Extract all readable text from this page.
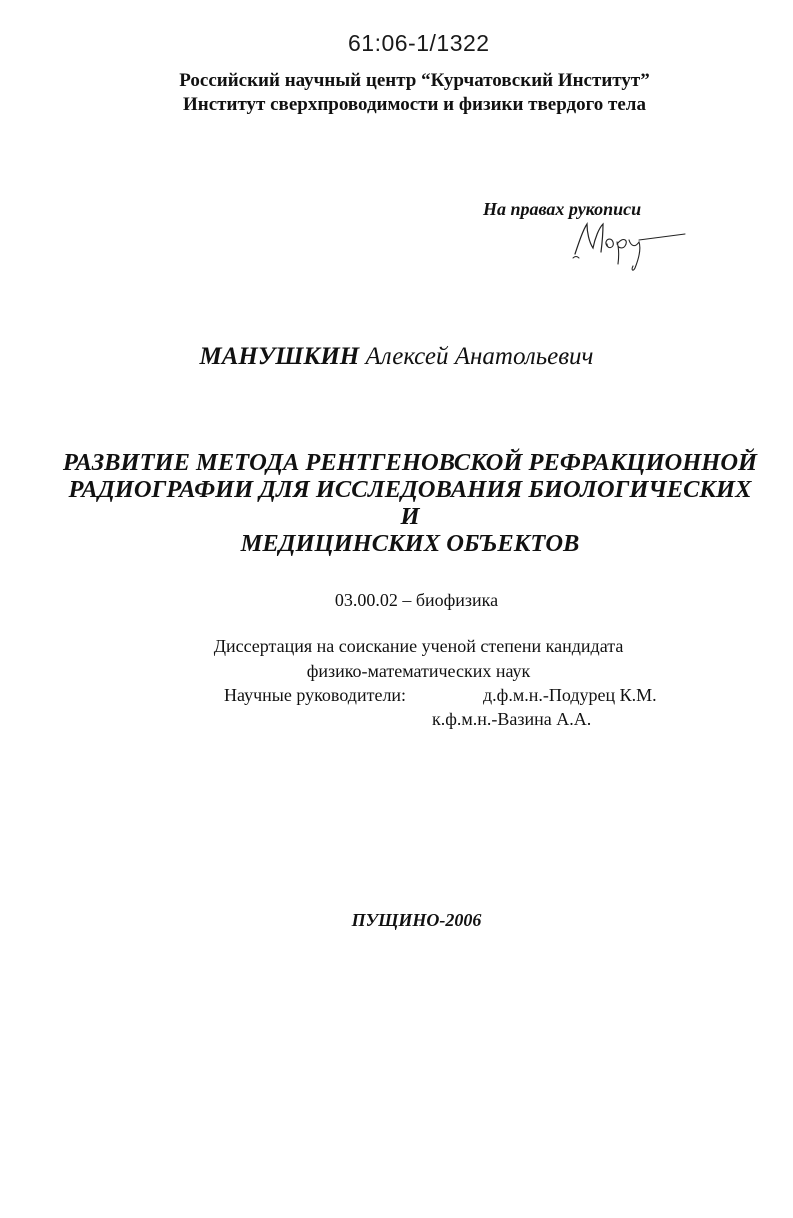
61:06-1/1322
Российский научный центр “Курчатовский Институт”
Институт сверхпроводимости и физики твердого тела
На правах рукописи
МАНУШКИН Алексей Анатольевич
РАЗВИТИЕ МЕТОДА РЕНТГЕНОВСКОЙ РЕФРАКЦИОННОЙ
РАДИОГРАФИИ ДЛЯ ИССЛЕДОВАНИЯ БИОЛОГИЧЕСКИХ И
МЕДИЦИНСКИХ ОБЪЕКТОВ
03.00.02 – биофизика
Диссертация на соискание ученой степени кандидата
физико-математических наук
Научные руководители:	д.ф.м.н.-Подурец К.М.
к.ф.м.н.-Вазина А.А.
ПУЩИНО-2006
